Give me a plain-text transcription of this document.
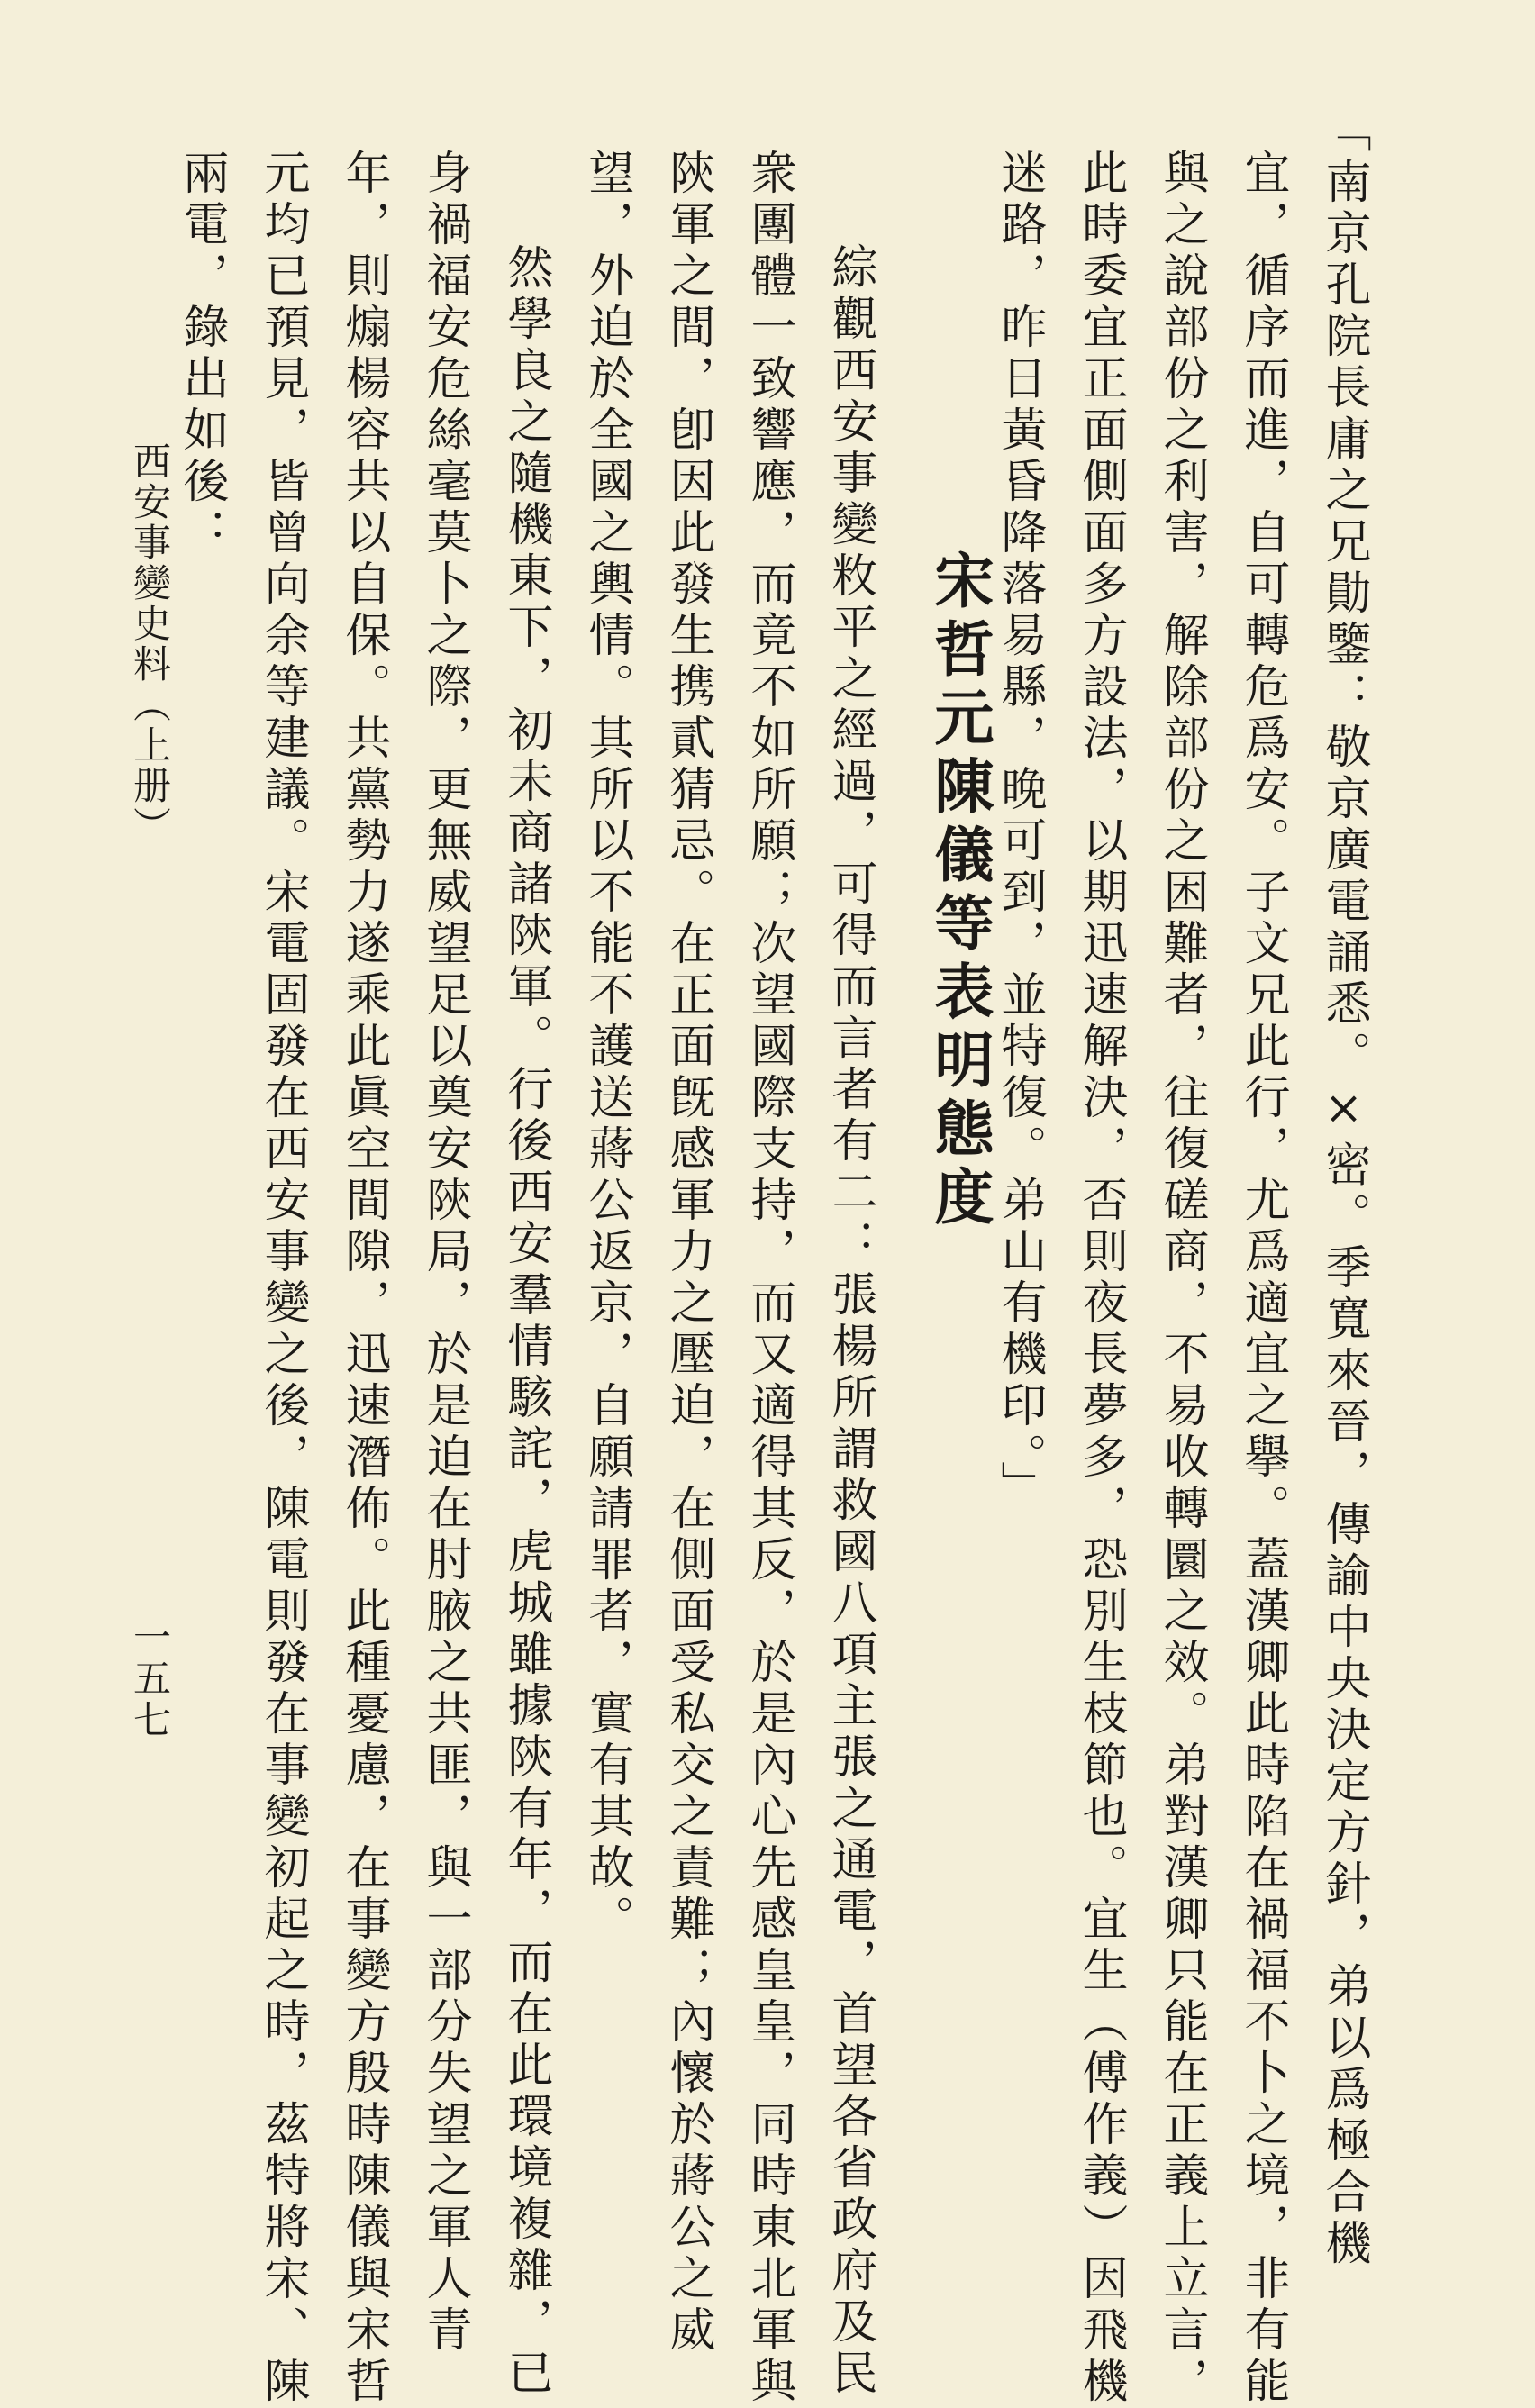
「南京孔院長庸之兄勛鑒：敬京廣電誦悉。×密。季寬來晉，傳諭中央決定方針，弟以爲極合機
宜，循序而進，自可轉危爲安。子文兄此行，尤爲適宜之擧。蓋漢卿此時陷在禍福不卜之境，非有能
與之說部份之利害，解除部份之困難者，往復磋商，不易收轉圜之效。弟對漢卿只能在正義上立言，
此時委宜正面側面多方設法，以期迅速解決，否則夜長夢多，恐別生枝節也。宜生（傅作義）因飛機
迷路，昨日黃昏降落易縣，晚可到，並特復。弟山有機印。」
宋哲元陳儀等表明態度
綜觀西安事變敉平之經過，可得而言者有二：張楊所謂救國八項主張之通電，首望各省政府及民
衆團體一致響應，而竟不如所願；次望國際支持，而又適得其反，於是內心先感皇皇，同時東北軍與
陝軍之間，卽因此發生携貳猜忌。在正面旣感軍力之壓迫，在側面受私交之責難；內懷於蔣公之威
望，外迫於全國之輿情。其所以不能不護送蔣公返京，自願請罪者，實有其故。
然學良之隨機東下，初未商諸陝軍。行後西安羣情駭詫，虎城雖據陝有年，而在此環境複雜，已
身禍福安危絲毫莫卜之際，更無威望足以奠安陝局，於是迫在肘腋之共匪，與一部分失望之軍人青
年，則煽楊容共以自保。共黨勢力遂乘此眞空間隙，迅速潛佈。此種憂慮，在事變方殷時陳儀與宋哲
元均已預見，皆曾向余等建議。宋電固發在西安事變之後，陳電則發在事變初起之時，茲特將宋、陳
兩電，錄出如後：
西安事變史料（上册）
一五七
